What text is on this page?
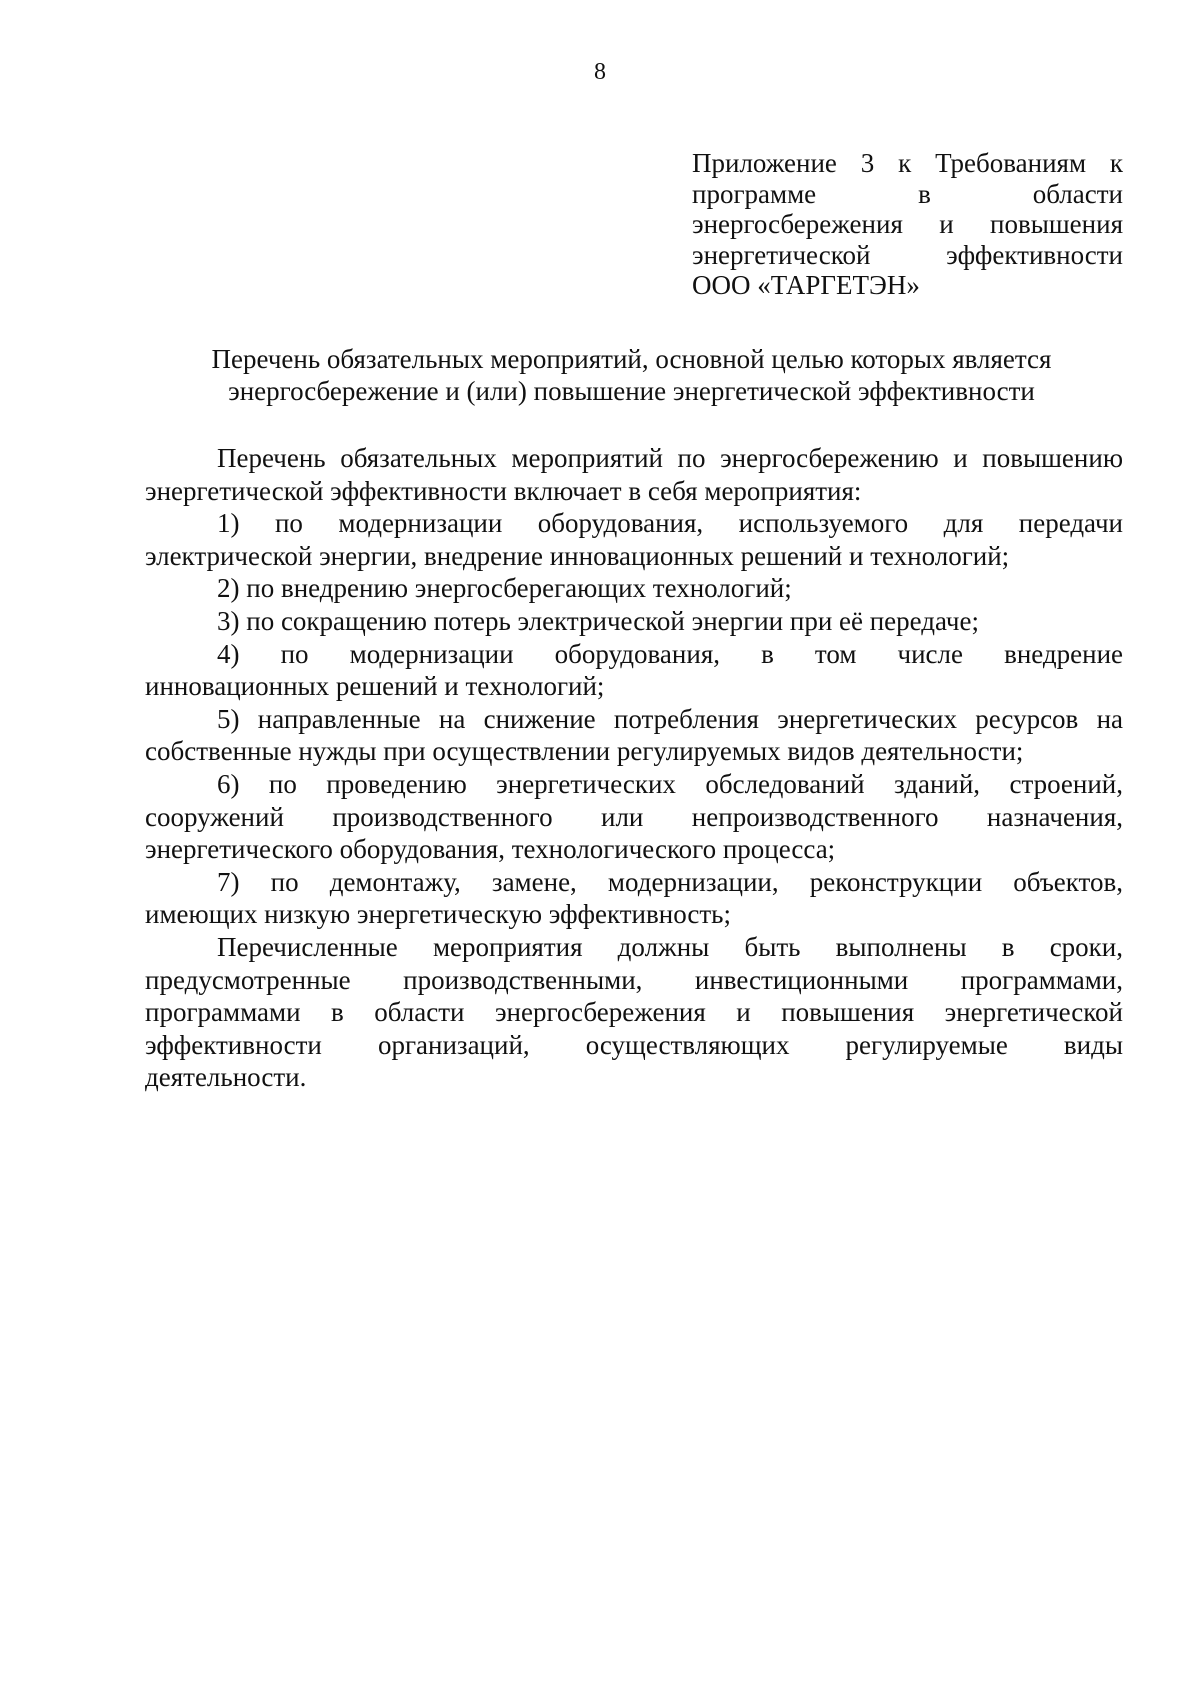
8
Приложение 3 к Требованиям к
программе в области
энергосбережения и повышения
энергетической эффективности
ООО «ТАРГЕТЭН»
Перечень обязательных мероприятий, основной целью которых является
энергосбережение и (или) повышение энергетической эффективности
Перечень обязательных мероприятий по энергосбережению и повышению
энергетической эффективности включает в себя мероприятия:
1) по модернизации оборудования, используемого для передачи
электрической энергии, внедрение инновационных решений и технологий;
2) по внедрению энергосберегающих технологий;
3) по сокращению потерь электрической энергии при её передаче;
4) по модернизации оборудования, в том числе внедрение
инновационных решений и технологий;
5) направленные на снижение потребления энергетических ресурсов на
собственные нужды при осуществлении регулируемых видов деятельности;
6) по проведению энергетических обследований зданий, строений,
сооружений производственного или непроизводственного назначения,
энергетического оборудования, технологического процесса;
7) по демонтажу, замене, модернизации, реконструкции объектов,
имеющих низкую энергетическую эффективность;
Перечисленные мероприятия должны быть выполнены в сроки,
предусмотренные производственными, инвестиционными программами,
программами в области энергосбережения и повышения энергетической
эффективности организаций, осуществляющих регулируемые виды
деятельности.
